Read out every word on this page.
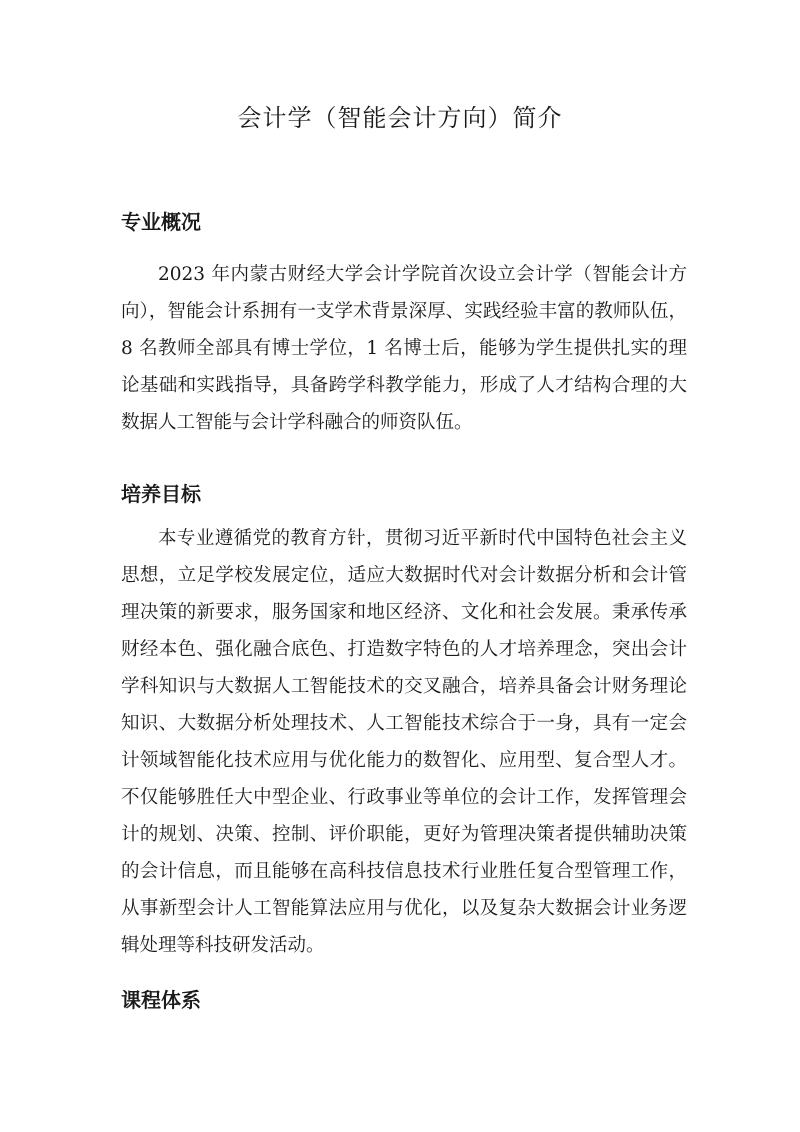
会计学（智能会计方向）简介
专业概况
2023 年内蒙古财经大学会计学院首次设立会计学（智能会计方
向），智能会计系拥有一支学术背景深厚、实践经验丰富的教师队伍，
8 名教师全部具有博士学位，1 名博士后，能够为学生提供扎实的理
论基础和实践指导，具备跨学科教学能力，形成了人才结构合理的大
数据人工智能与会计学科融合的师资队伍。
培养目标
本专业遵循党的教育方针，贯彻习近平新时代中国特色社会主义
思想，立足学校发展定位，适应大数据时代对会计数据分析和会计管
理决策的新要求，服务国家和地区经济、文化和社会发展。秉承传承
财经本色、强化融合底色、打造数字特色的人才培养理念，突出会计
学科知识与大数据人工智能技术的交叉融合，培养具备会计财务理论
知识、大数据分析处理技术、人工智能技术综合于一身，具有一定会
计领域智能化技术应用与优化能力的数智化、应用型、复合型人才。
不仅能够胜任大中型企业、行政事业等单位的会计工作，发挥管理会
计的规划、决策、控制、评价职能，更好为管理决策者提供辅助决策
的会计信息，而且能够在高科技信息技术行业胜任复合型管理工作，
从事新型会计人工智能算法应用与优化，以及复杂大数据会计业务逻
辑处理等科技研发活动。
课程体系
